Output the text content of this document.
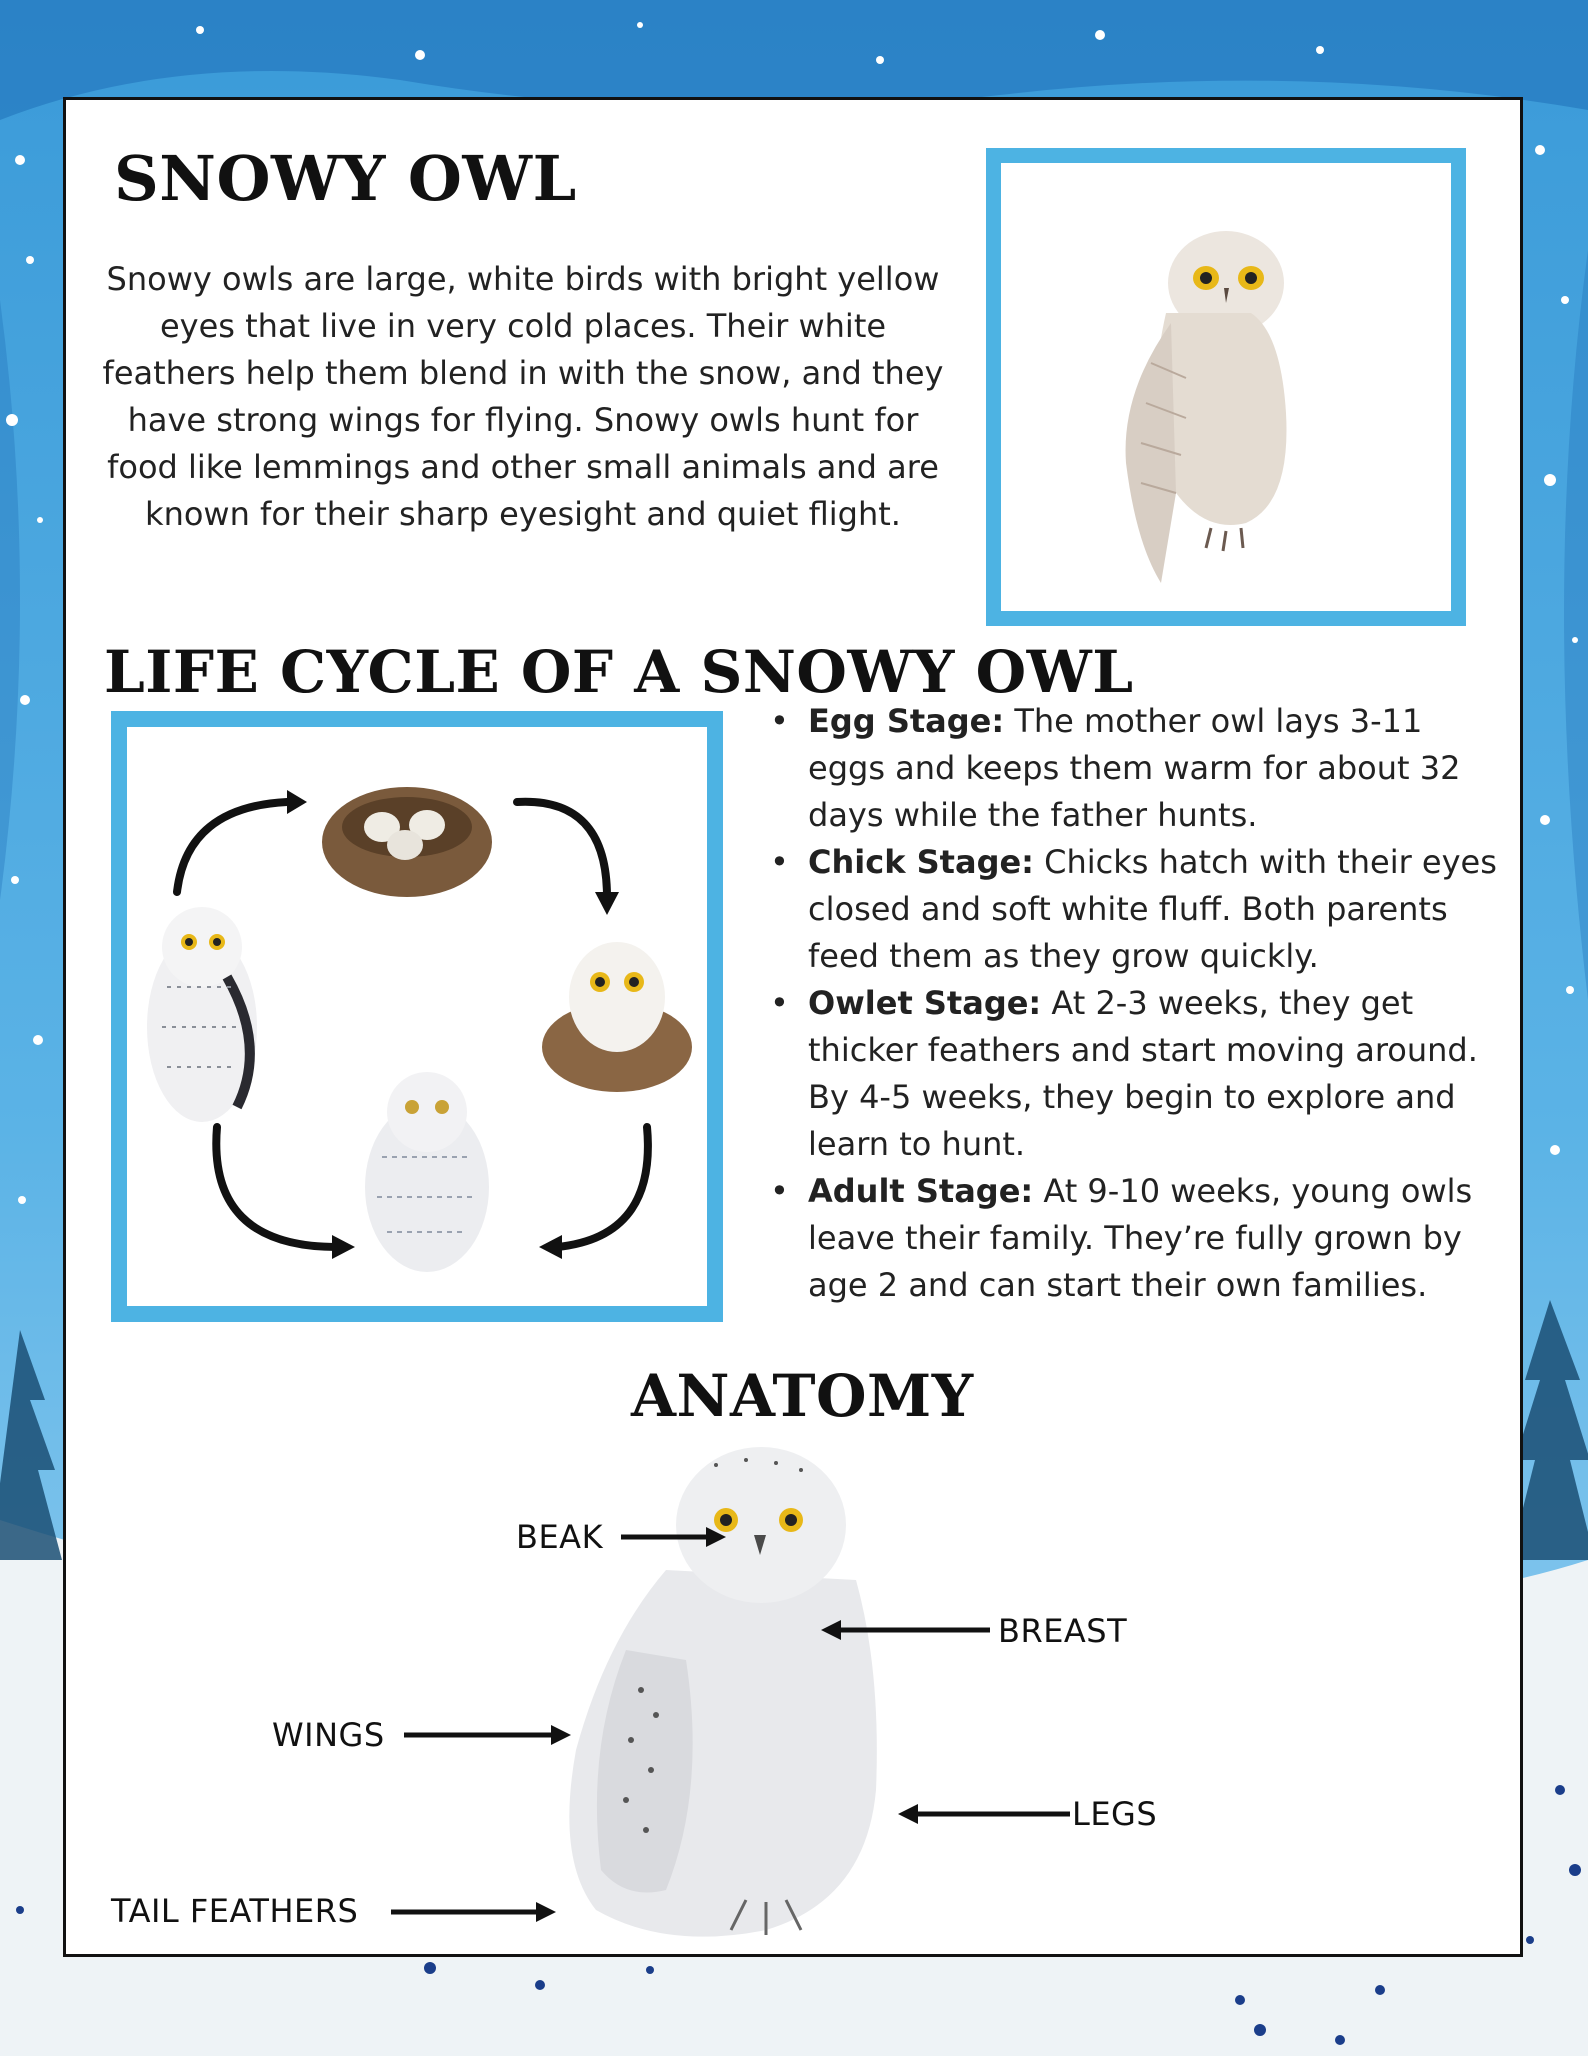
SNOWY OWL

Snowy owls are large, white birds with bright yellow eyes that live in very cold places. Their white feathers help them blend in with the snow, and they have strong wings for flying. Snowy owls hunt for food like lemmings and other small animals and are known for their sharp eyesight and quiet flight.

LIFE CYCLE OF A SNOWY OWL
• Egg Stage: The mother owl lays 3-11 eggs and keeps them warm for about 32 days while the father hunts.
• Chick Stage: Chicks hatch with their eyes closed and soft white fluff. Both parents feed them as they grow quickly.
• Owlet Stage: At 2-3 weeks, they get thicker feathers and start moving around. By 4-5 weeks, they begin to explore and learn to hunt.
• Adult Stage: At 9-10 weeks, young owls leave their family. They’re fully grown by age 2 and can start their own families.
ANATOMY
BEAK
BREAST
WINGS
LEGS
TAIL FEATHERS
